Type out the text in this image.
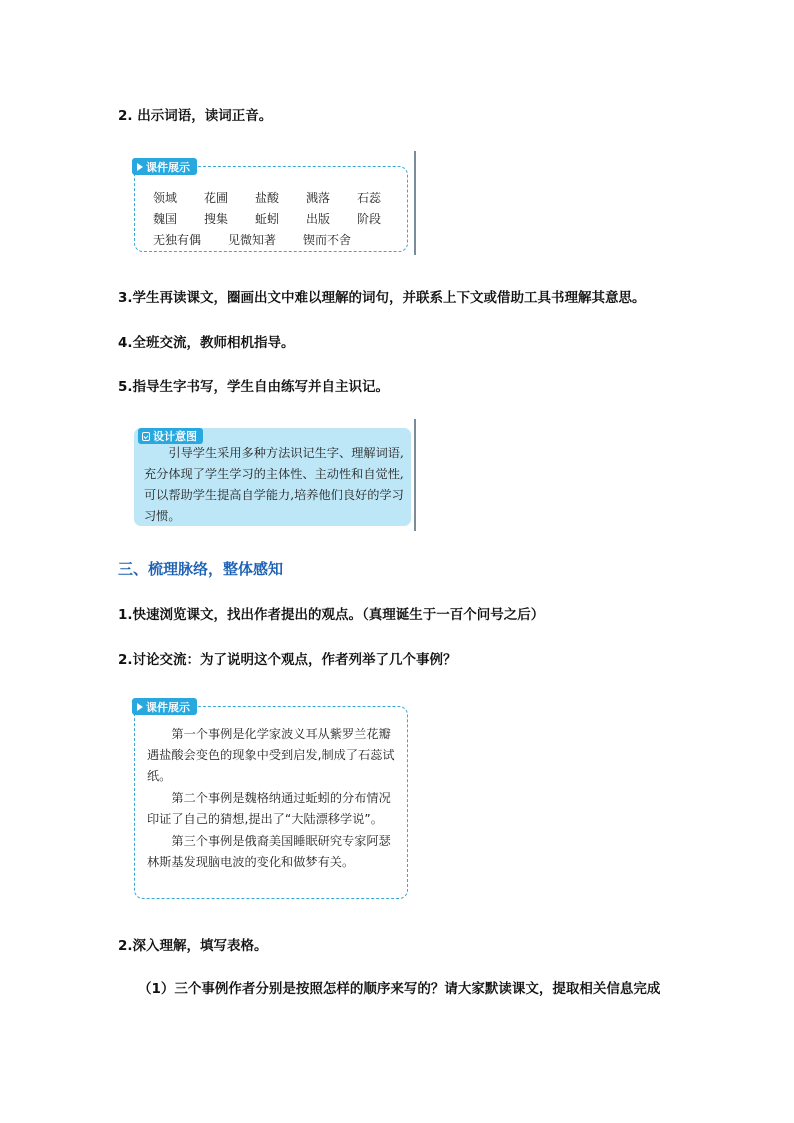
2. 出示词语，读词正音。
课件展示
领域	花圃	盐酸	溅落	石蕊
魏国	搜集	蚯蚓	出版	阶段
无独有偶	见微知著	锲而不舍
3.学生再读课文，圈画出文中难以理解的词句，并联系上下文或借助工具书理解其意思。
4.全班交流，教师相机指导。
5.指导生字书写，学生自由练写并自主识记。
设计意图

引导学生采用多种方法识记生字、理解词语,充分体现了学生学习的主体性、主动性和自觉性,可以帮助学生提高自学能力,培养他们良好的学习习惯。

三、梳理脉络，整体感知
1.快速浏览课文，找出作者提出的观点。（真理诞生于一百个问号之后）
2.讨论交流：为了说明这个观点，作者列举了几个事例？
课件展示

第一个事例是化学家波义耳从紫罗兰花瓣遇盐酸会变色的现象中受到启发,制成了石蕊试纸。

第二个事例是魏格纳通过蚯蚓的分布情况印证了自己的猜想,提出了“大陆漂移学说”。

第三个事例是俄裔美国睡眠研究专家阿瑟林斯基发现脑电波的变化和做梦有关。

2.深入理解，填写表格。
（1）三个事例作者分别是按照怎样的顺序来写的？请大家默读课文，提取相关信息完成
